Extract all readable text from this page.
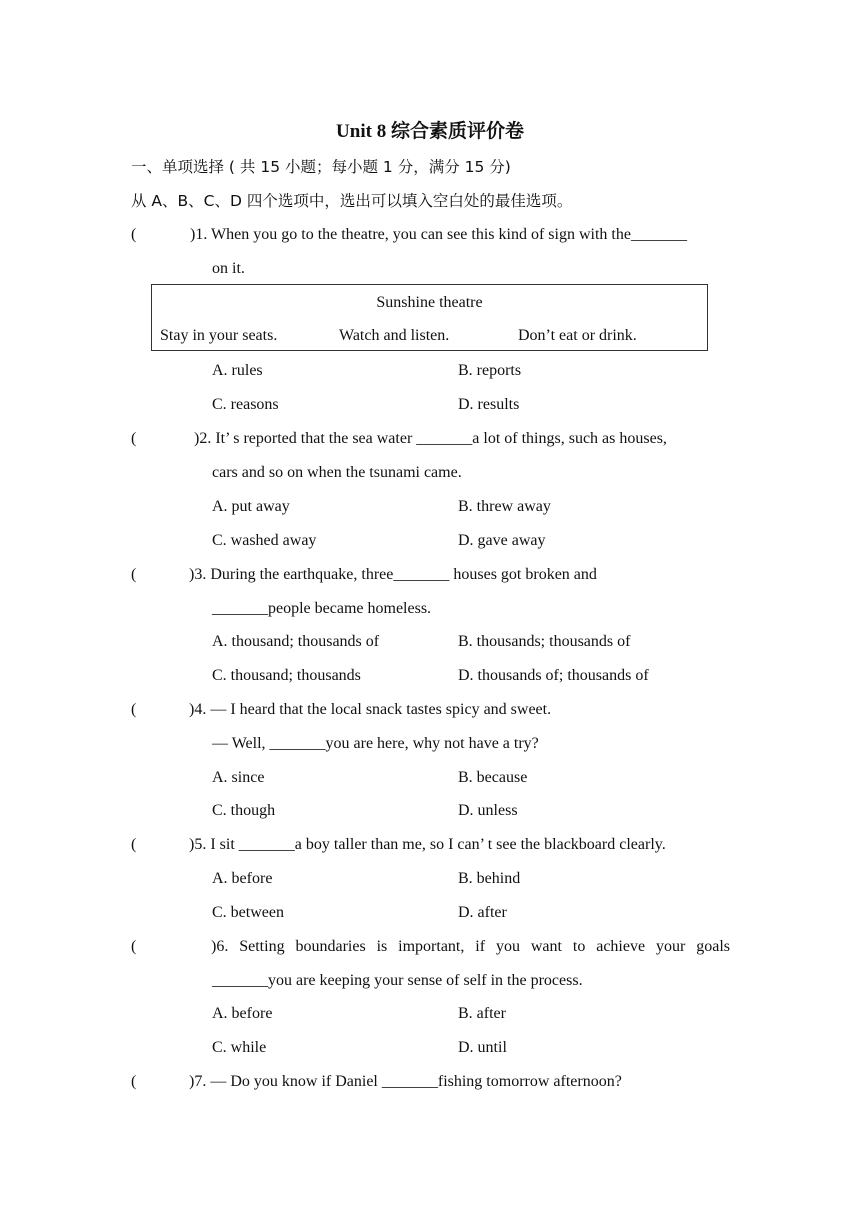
Unit 8 综合素质评价卷
一、单项选择 ( 共 15 小题；每小题 1 分，满分 15 分)
从 A、B、C、D 四个选项中，选出可以填入空白处的最佳选项。
(	)1. When you go to the theatre, you can see this kind of sign with the_______
on it.
Sunshine theatre
Stay in your seats.	Watch and listen.	Don’t eat or drink.
A. rules	B. reports
C. reasons	D. results
(	)2. It’ s reported that the sea water _______a lot of things, such as houses,
cars and so on when the tsunami came.
A. put away	B. threw away
C. washed away	D. gave away
(	)3. During the earthquake, three_______ houses got broken and
_______people became homeless.
A. thousand; thousands of	B. thousands; thousands of
C. thousand; thousands	D. thousands of; thousands of
(	)4. — I heard that the local snack tastes spicy and sweet.
— Well, _______you are here, why not have a try?
A. since	B. because
C. though	D. unless
(	)5. I sit _______a boy taller than me, so I can’ t see the blackboard clearly.
A. before	B. behind
C. between	D. after
(	)6. Setting boundaries is important, if you want to achieve your goals
_______you are keeping your sense of self in the process.
A. before	B. after
C. while	D. until
(	)7. — Do you know if Daniel _______fishing tomorrow afternoon?
